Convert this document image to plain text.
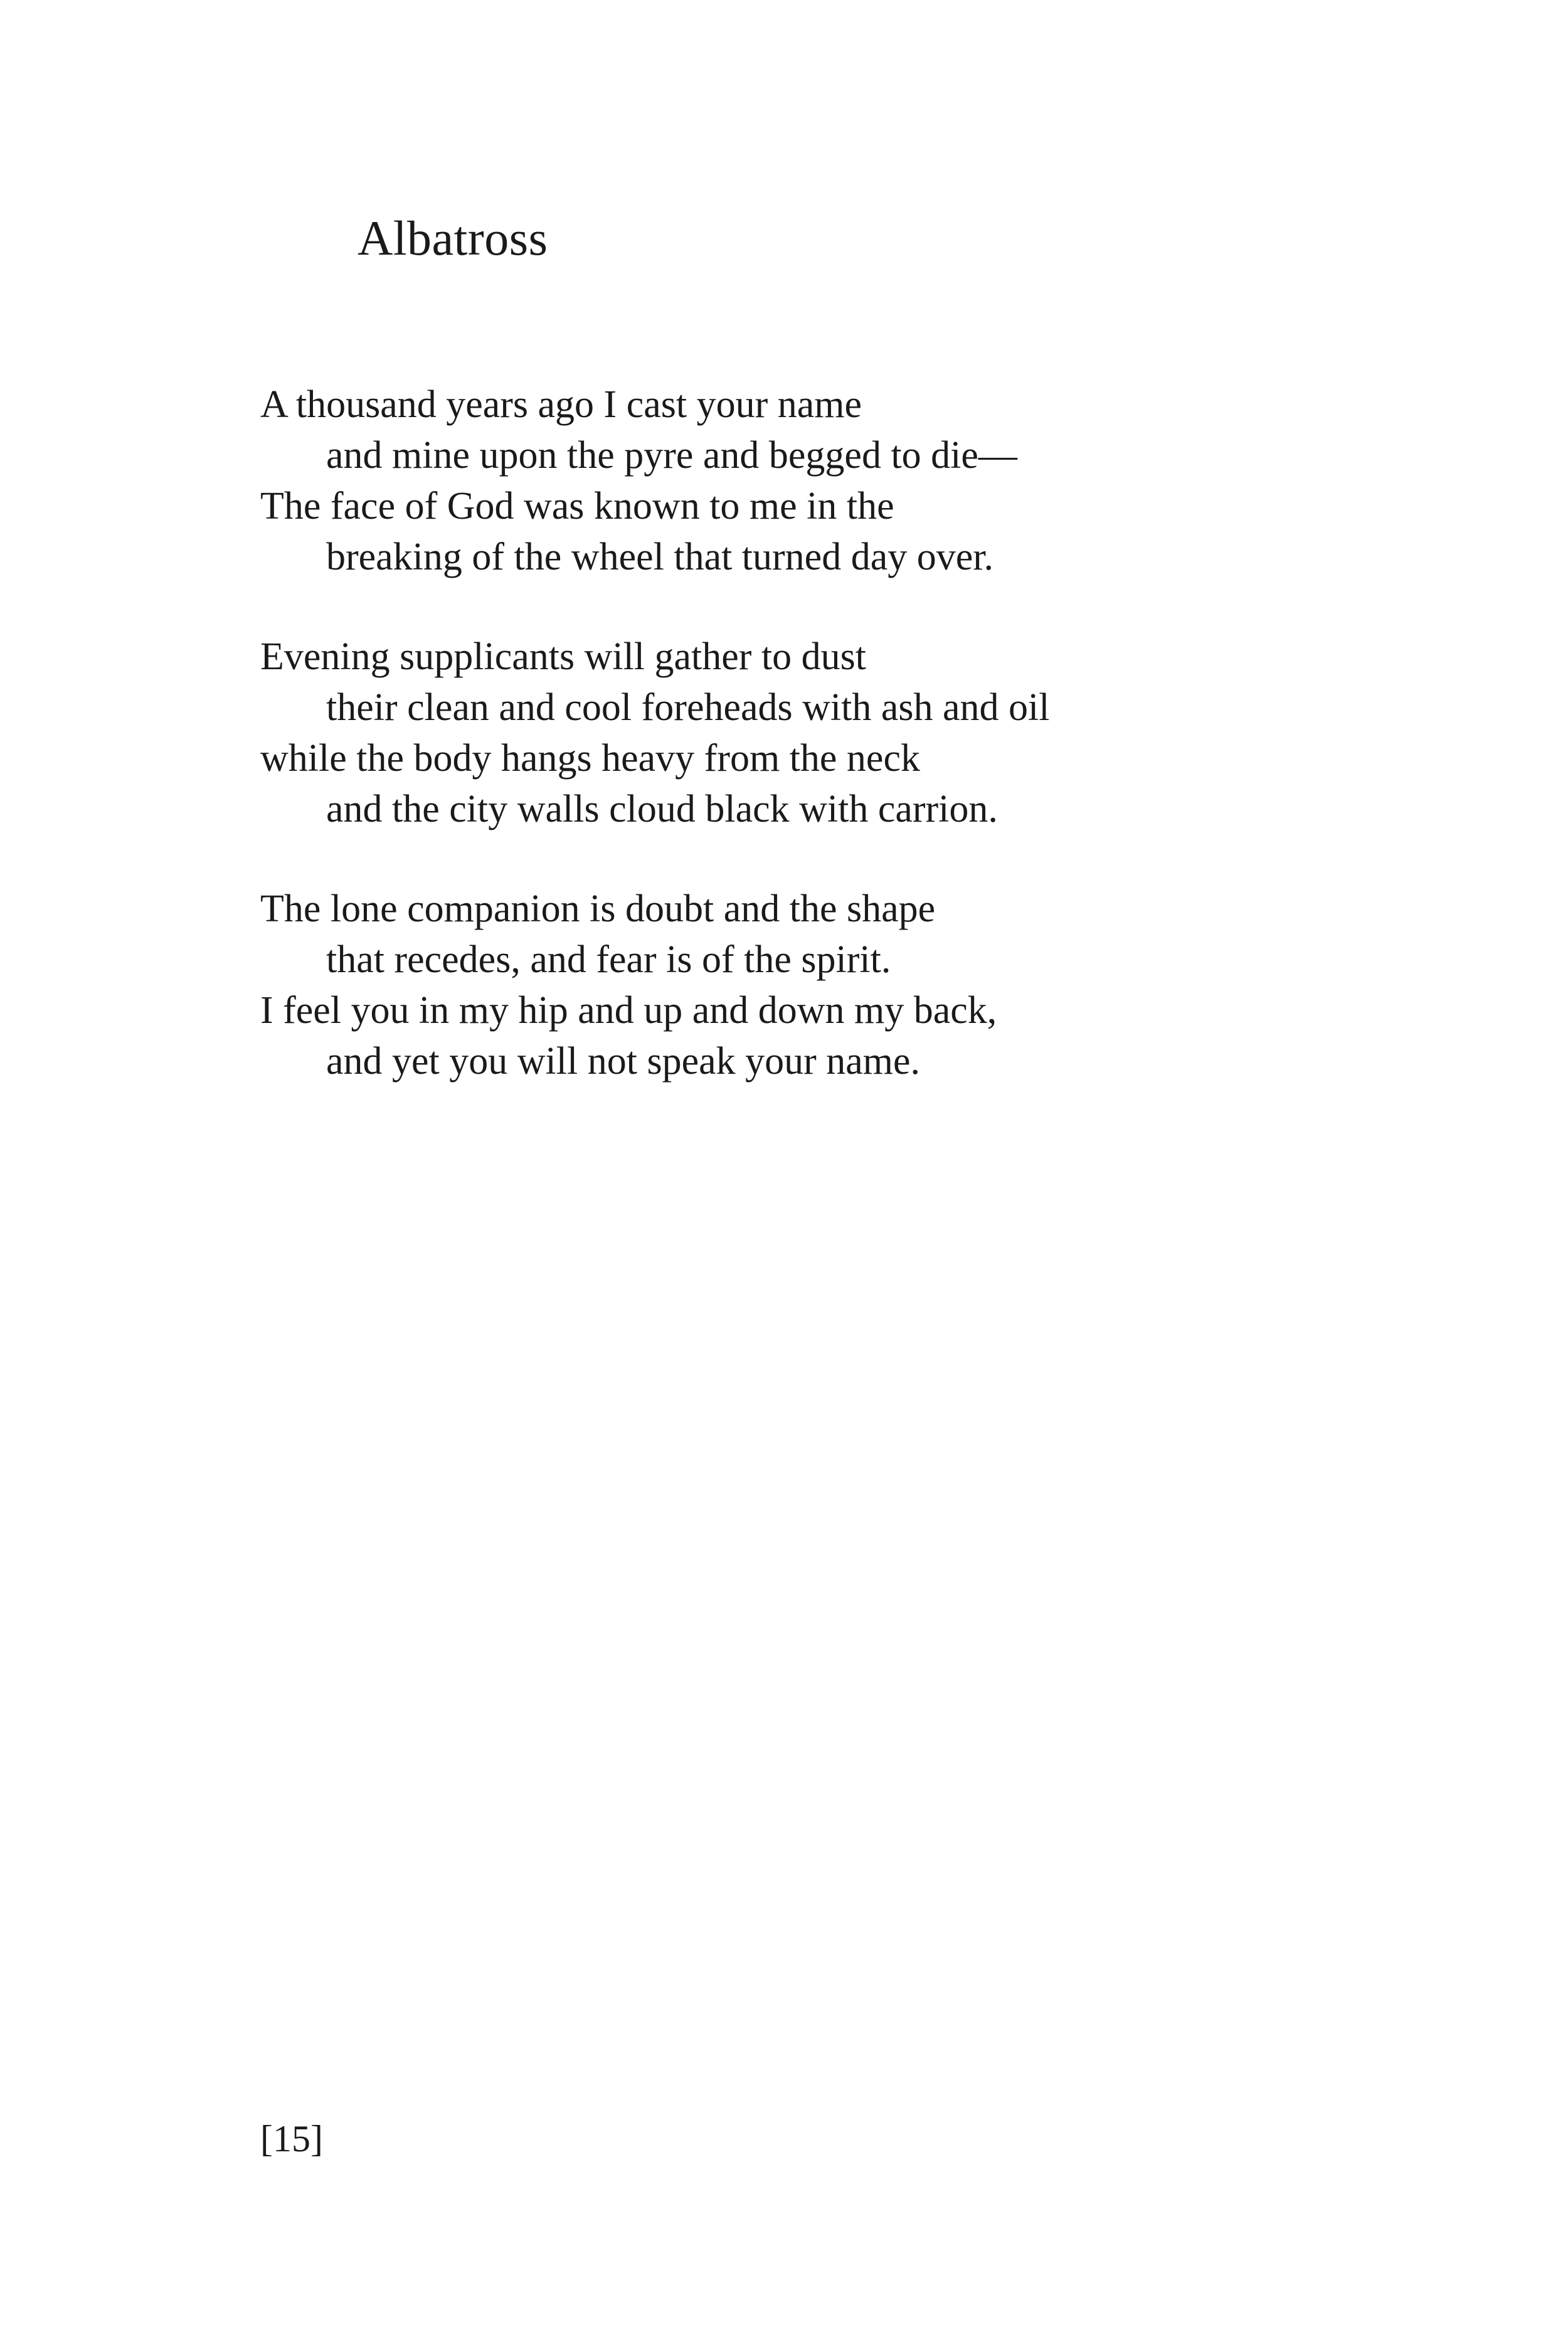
Albatross
A thousand years ago I cast your name
and mine upon the pyre and begged to die—
The face of God was known to me in the
breaking of the wheel that turned day over.
Evening supplicants will gather to dust
their clean and cool foreheads with ash and oil
while the body hangs heavy from the neck
and the city walls cloud black with carrion.
The lone companion is doubt and the shape
that recedes, and fear is of the spirit.
I feel you in my hip and up and down my back,
and yet you will not speak your name.
[15]
